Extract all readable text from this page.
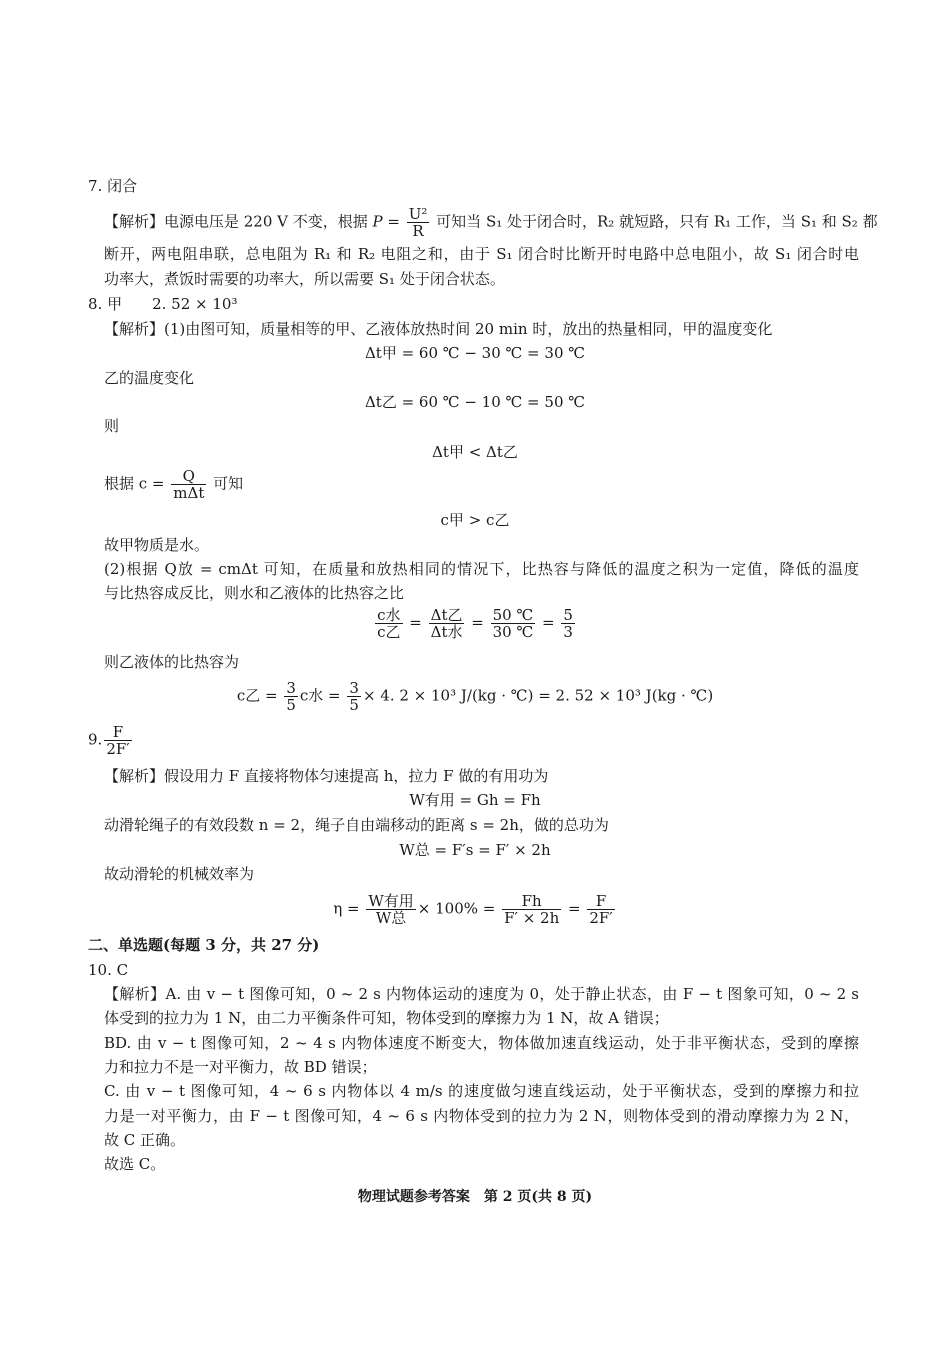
7. 闭合
【解析】电源电压是 220 V 不变，根据 $P = \frac{\text{U²}}{R}$ 可知当 S₁ 处于闭合时，R₂ 就短路，只有 R₁ 工作，当 S₁ 和 S₂ 都
断开，两电阻串联，总电阻为 R₁ 和 R₂ 电阻之和，由于 S₁ 闭合时比断开时电路中总电阻小，故 S₁ 闭合时电
功率大，煮饭时需要的功率大，所以需要 S₁ 处于闭合状态。
8. 甲　　2. 52 × 10³
【解析】(1)由图可知，质量相等的甲、乙液体放热时间 20 min 时，放出的热量相同，甲的温度变化
Δt甲 = 60 ℃ − 30 ℃ = 30 ℃
乙的温度变化
Δt乙 = 60 ℃ − 10 ℃ = 50 ℃
则
Δt甲 < Δt乙
根据 $c = \frac{Q}{\text{mΔt}}$ 可知
c甲 > c乙
故甲物质是水。
(2)根据 Q放 = cmΔt 可知，在质量和放热相同的情况下，比热容与降低的温度之积为一定值，降低的温度
与比热容成反比，则水和乙液体的比热容之比
$\frac{\text{c水}}{\text{c乙}} = \frac{\text{Δt乙}}{\text{Δt水}} = \frac{50 ℃}{30 ℃} = \frac{5}{3}$
则乙液体的比热容为
c乙 = $\frac{3}{5}$ c水 = $\frac{3}{5} \times 4$. 2 × 10³ J/(kg · ℃) = 2. 52 × 10³ J(kg · ℃)
9. $\frac{F}{2F'}$
【解析】假设用力 F 直接将物体匀速提高 h，拉力 F 做的有用功为
W有用 = Gh = Fh
动滑轮绳子的有效段数 n = 2，绳子自由端移动的距离 s = 2h，做的总功为
W总 = F′s = F′ × 2h
故动滑轮的机械效率为
$\eta = \frac{\text{W有用}}{\text{W总}} \times 100\% = \frac{Fh}{F' \times 2h} = \frac{F}{2F'}$
二、单选题(每题 3 分，共 27 分)
10. C
【解析】A. 由 v − t 图像可知，0 ~ 2 s 内物体运动的速度为 0，处于静止状态，由 F − t 图象可知，0 ~ 2 s
体受到的拉力为 1 N，由二力平衡条件可知，物体受到的摩擦力为 1 N，故 A 错误；
BD. 由 v − t 图像可知，2 ~ 4 s 内物体速度不断变大，物体做加速直线运动，处于非平衡状态，受到的摩擦
力和拉力不是一对平衡力，故 BD 错误；
C. 由 v − t 图像可知，4 ~ 6 s 内物体以 4 m/s 的速度做匀速直线运动，处于平衡状态，受到的摩擦力和拉
力是一对平衡力，由 F − t 图像可知，4 ~ 6 s 内物体受到的拉力为 2 N，则物体受到的滑动摩擦力为 2 N，
故 C 正确。
故选 C。
物理试题参考答案　第 2 页(共 8 页)
